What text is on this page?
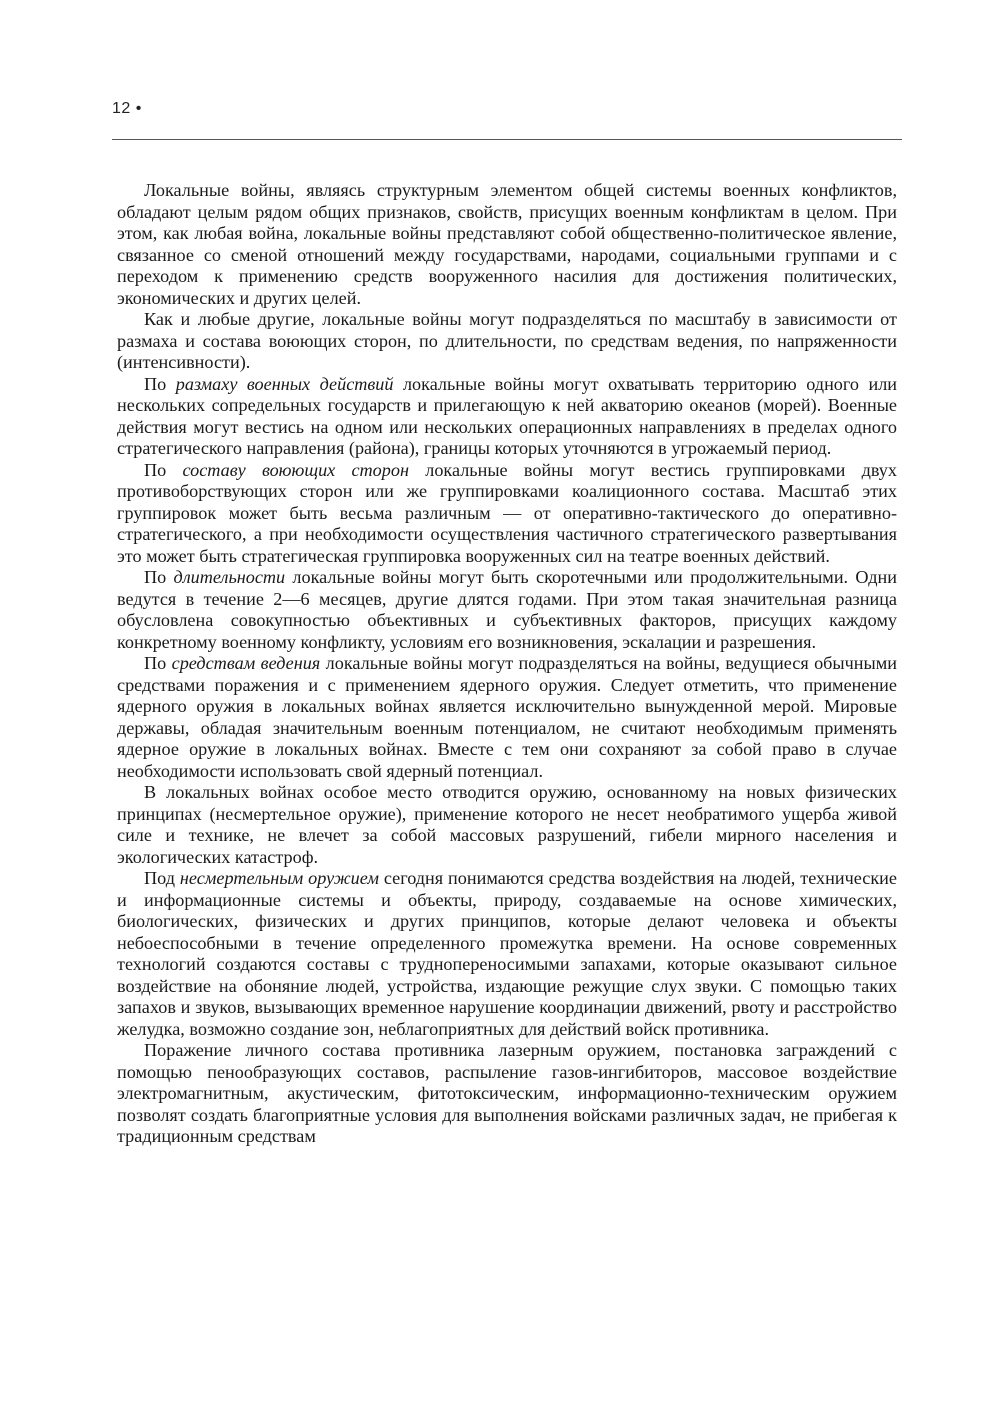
12 •

Локальные войны, являясь структурным элементом общей системы военных конфликтов, обладают целым рядом общих признаков, свойств, присущих военным конфликтам в целом. При этом, как любая война, локальные войны представляют собой общественно-политическое явление, связанное со сменой отношений между государствами, народами, социальными группами и с переходом к применению средств вооруженного насилия для достижения политических, экономических и других целей.

Как и любые другие, локальные войны могут подразделяться по масштабу в зависимости от размаха и состава воюющих сторон, по длительности, по средствам ведения, по напряженности (интенсивности).

По размаху военных действий локальные войны могут охватывать территорию одного или нескольких сопредельных государств и прилегающую к ней акваторию океанов (морей). Военные действия могут вестись на одном или нескольких операционных направлениях в пределах одного стратегического направления (района), границы которых уточняются в угрожаемый период.

По составу воюющих сторон локальные войны могут вестись группировками двух противоборствующих сторон или же группировками коалиционного состава. Масштаб этих группировок может быть весьма различным — от оперативно-тактического до оперативно-стратегического, а при необходимости осуществления частичного стратегического развертывания это может быть стратегическая группировка вооруженных сил на театре военных действий.

По длительности локальные войны могут быть скоротечными или продолжительными. Одни ведутся в течение 2—6 месяцев, другие длятся годами. При этом такая значительная разница обусловлена совокупностью объективных и субъективных факторов, присущих каждому конкретному военному конфликту, условиям его возникновения, эскалации и разрешения.

По средствам ведения локальные войны могут подразделяться на войны, ведущиеся обычными средствами поражения и с применением ядерного оружия. Следует отметить, что применение ядерного оружия в локальных войнах является исключительно вынужденной мерой. Мировые державы, обладая значительным военным потенциалом, не считают необходимым применять ядерное оружие в локальных войнах. Вместе с тем они сохраняют за собой право в случае необходимости использовать свой ядерный потенциал.

В локальных войнах особое место отводится оружию, основанному на новых физических принципах (несмертельное оружие), применение которого не несет необратимого ущерба живой силе и технике, не влечет за собой массовых разрушений, гибели мирного населения и экологических катастроф.

Под несмертельным оружием сегодня понимаются средства воздействия на людей, технические и информационные системы и объекты, природу, создаваемые на основе химических, биологических, физических и других принципов, которые делают человека и объекты небоеспособными в течение определенного промежутка времени. На основе современных технологий создаются составы с труднопереносимыми запахами, которые оказывают сильное воздействие на обоняние людей, устройства, издающие режущие слух звуки. С помощью таких запахов и звуков, вызывающих временное нарушение координации движений, рвоту и расстройство желудка, возможно создание зон, неблагоприятных для действий войск противника.

Поражение личного состава противника лазерным оружием, постановка заграждений с помощью пенообразующих составов, распыление газов-ингибиторов, массовое воздействие электромагнитным, акустическим, фитотоксическим, информационно-техническим оружием позволят создать благоприятные условия для выполнения войсками различных задач, не прибегая к традиционным средствам
